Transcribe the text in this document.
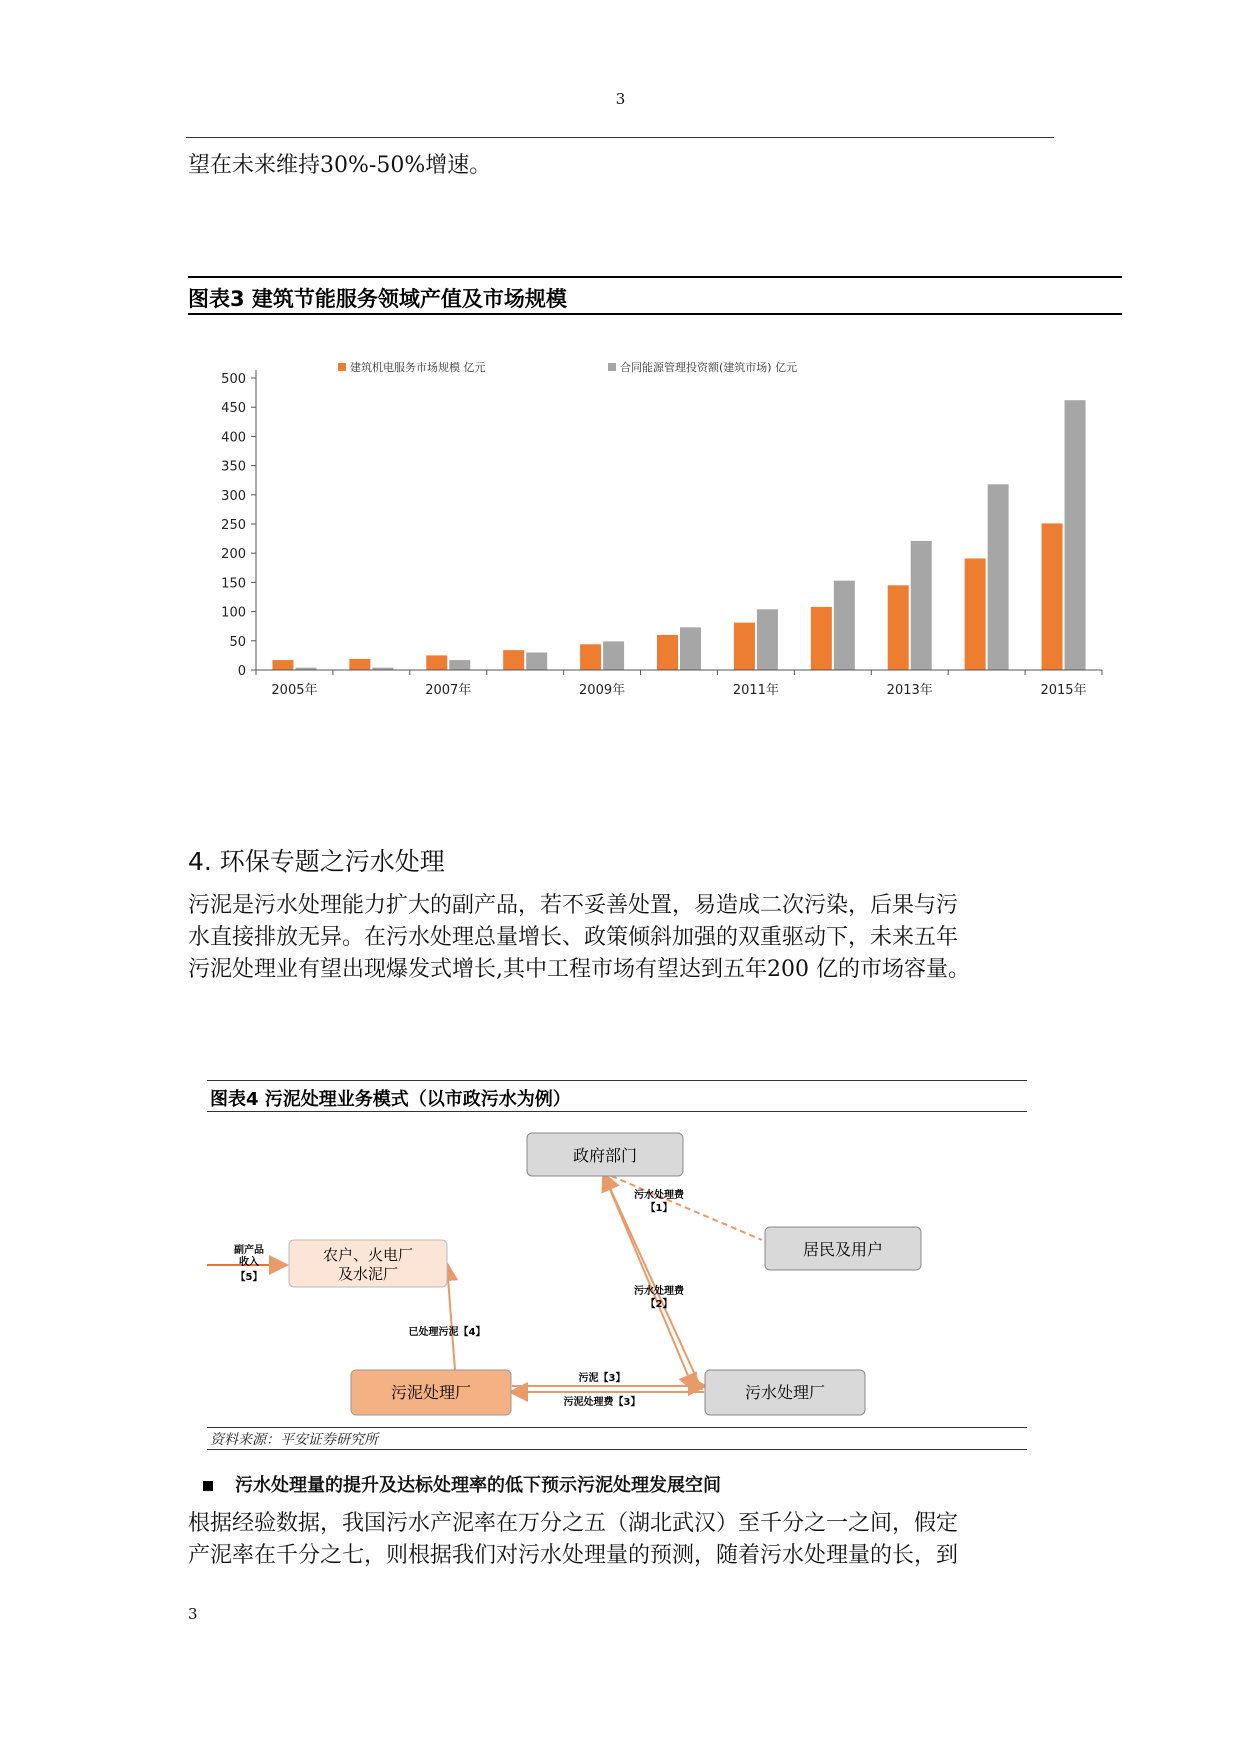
3
望在未来维持30%-50%增速。
图表3 建筑节能服务领域产值及市场规模
建筑机电服务市场规模 亿元	合同能源管理投资额(建筑市场) 亿元
0
50
100
150
200
250
300
350
400
450
500
2005年	2007年	2009年	2011年	2013年	2015年
4. 环保专题之污水处理
污泥是污水处理能力扩大的副产品，若不妥善处置，易造成二次污染，后果与污
水直接排放无异。在污水处理总量增长、政策倾斜加强的双重驱动下，未来五年
污泥处理业有望出现爆发式增长,其中工程市场有望达到五年200 亿的市场容量。
图表4 污泥处理业务模式（以市政污水为例）
政府部门
居民及用户
农户、火电厂
及水泥厂
污泥处理厂	污水处理厂
污水处理费
【1】
污水处理费
【2】
污泥【3】
污泥处理费【3】
已处理污泥【4】
副产品
收入
【5】
资料来源：平安证券研究所
污水处理量的提升及达标处理率的低下预示污泥处理发展空间
根据经验数据，我国污水产泥率在万分之五（湖北武汉）至千分之一之间，假定
产泥率在千分之七，则根据我们对污水处理量的预测，随着污水处理量的长，到
3
